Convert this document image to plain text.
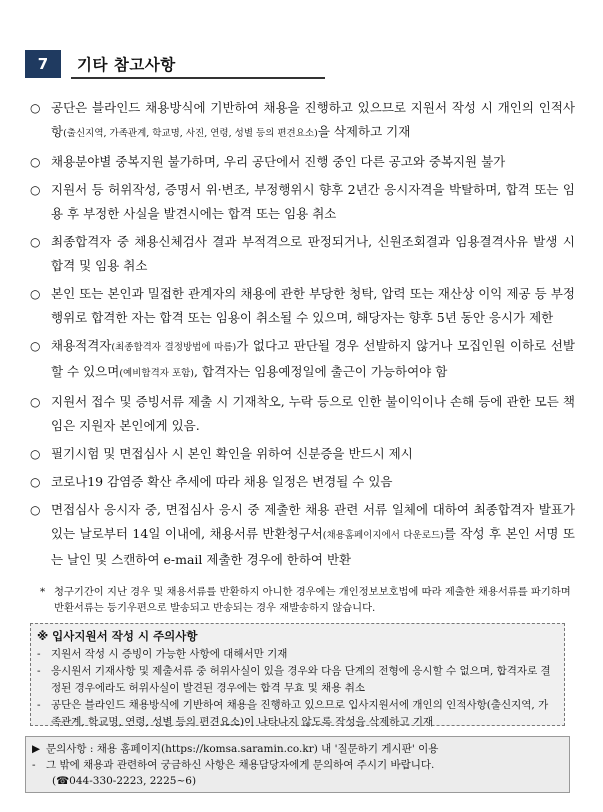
7	기타 참고사항
○ 공단은 블라인드 채용방식에 기반하여 채용을 진행하고 있으므로 지원서 작성 시 개인의 인적사항(출신지역, 가족관계, 학교명, 사진, 연령, 성별 등의 편견요소)을 삭제하고 기재
○ 채용분야별 중복지원 불가하며, 우리 공단에서 진행 중인 다른 공고와 중복지원 불가
○ 지원서 등 허위작성, 증명서 위·변조, 부정행위시 향후 2년간 응시자격을 박탈하며, 합격 또는 임용 후 부정한 사실을 발견시에는 합격 또는 임용 취소
○ 최종합격자 중 채용신체검사 결과 부적격으로 판정되거나, 신원조회결과 임용결격사유 발생 시 합격 및 임용 취소
○ 본인 또는 본인과 밀접한 관계자의 채용에 관한 부당한 청탁, 압력 또는 재산상 이익 제공 등 부정행위로 합격한 자는 합격 또는 임용이 취소될 수 있으며, 해당자는 향후 5년 동안 응시가 제한
○ 채용적격자(최종합격자 결정방법에 따름)가 없다고 판단될 경우 선발하지 않거나 모집인원 이하로 선발할 수 있으며(예비합격자 포함), 합격자는 임용예정일에 출근이 가능하여야 함
○ 지원서 접수 및 증빙서류 제출 시 기재착오, 누락 등으로 인한 불이익이나 손해 등에 관한 모든 책임은 지원자 본인에게 있음.
○ 필기시험 및 면접심사 시 본인 확인을 위하여 신분증을 반드시 제시
○ 코로나19 감염증 확산 추세에 따라 채용 일정은 변경될 수 있음
○ 면접심사 응시자 중, 면접심사 응시 중 제출한 채용 관련 서류 일체에 대하여 최종합격자 발표가 있는 날로부터 14일 이내에, 채용서류 반환청구서(채용홈페이지에서 다운로드)를 작성 후 본인 서명 또는 날인 및 스캔하여 e-mail 제출한 경우에 한하여 반환
* 청구기간이 지난 경우 및 채용서류를 반환하지 아니한 경우에는 개인정보보호법에 따라 제출한 채용서류를 파기하며 반환서류는 등기우편으로 발송되고 반송되는 경우 재발송하지 않습니다.
※ 입사지원서 작성 시 주의사항
- 지원서 작성 시 증빙이 가능한 사항에 대해서만 기재
- 응시원서 기재사항 및 제출서류 중 허위사실이 있을 경우와 다음 단계의 전형에 응시할 수 없으며, 합격자로 결정된 경우에라도 허위사실이 발견된 경우에는 합격 무효 및 채용 취소
- 공단은 블라인드 채용방식에 기반하여 채용을 진행하고 있으므로 입사지원서에 개인의 인적사항(출신지역, 가족관계, 학교명, 연령, 성별 등의 편견요소)이 나타나지 않도록 작성을 삭제하고 기재
▶ 문의사항 : 채용 홈페이지(https://komsa.saramin.co.kr) 내 '질문하기 게시판' 이용
- 그 밖에 채용과 관련하여 궁금하신 사항은 채용담당자에게 문의하여 주시기 바랍니다.
(☎044-330-2223, 2225~6)
